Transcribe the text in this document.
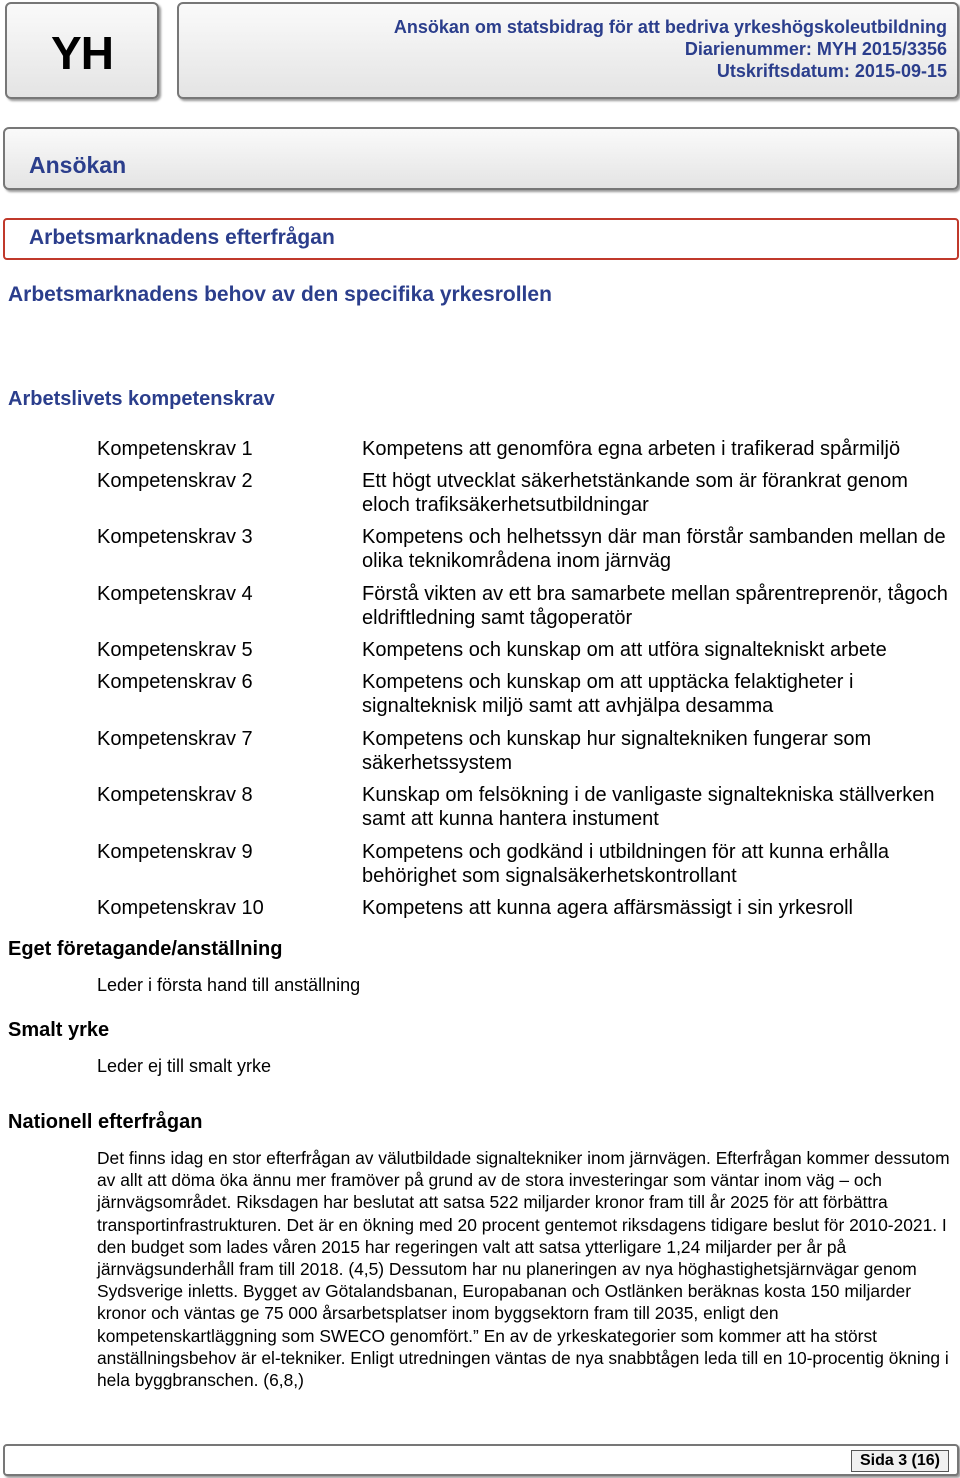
YH	Ansökan om statsbidrag för att bedriva yrkeshögskoleutbildning
Diarienummer: MYH 2015/3356
Utskriftsdatum: 2015-09-15
Ansökan
Arbetsmarknadens efterfrågan
Arbetsmarknadens behov av den specifika yrkesrollen
Arbetslivets kompetenskrav
Kompetenskrav 1	Kompetens att genomföra egna arbeten i trafikerad spårmiljö
Kompetenskrav 2	Ett högt utvecklat säkerhetstänkande som är förankrat genom eloch trafiksäkerhetsutbildningar
Kompetenskrav 3	Kompetens och helhetssyn där man förstår sambanden mellan de olika teknikområdena inom järnväg
Kompetenskrav 4	Förstå vikten av ett bra samarbete mellan spårentreprenör, tågoch eldriftledning samt tågoperatör
Kompetenskrav 5	Kompetens och kunskap om att utföra signaltekniskt arbete
Kompetenskrav 6	Kompetens och kunskap om att upptäcka felaktigheter i signalteknisk miljö samt att avhjälpa desamma
Kompetenskrav 7	Kompetens och kunskap hur signaltekniken fungerar som säkerhetssystem
Kompetenskrav 8	Kunskap om felsökning i de vanligaste signaltekniska ställverken samt att kunna hantera instument
Kompetenskrav 9	Kompetens och godkänd i utbildningen för att kunna erhålla behörighet som signalsäkerhetskontrollant
Kompetenskrav 10	Kompetens att kunna agera affärsmässigt i sin yrkesroll
Eget företagande/anställning
Leder i första hand till anställning
Smalt yrke
Leder ej till smalt yrke
Nationell efterfrågan
Det finns idag en stor efterfrågan av välutbildade signaltekniker inom järnvägen. Efterfrågan kommer dessutom av allt att döma öka ännu mer framöver på grund av de stora investeringar som väntar inom väg – och järnvägsområdet. Riksdagen har beslutat att satsa 522 miljarder kronor fram till år 2025 för att förbättra transportinfrastrukturen. Det är en ökning med 20 procent gentemot riksdagens tidigare beslut för 2010-2021. I den budget som lades våren 2015 har regeringen valt att satsa ytterligare 1,24 miljarder per år på järnvägsunderhåll fram till 2018. (4,5) Dessutom har nu planeringen av nya höghastighetsjärnvägar genom Sydsverige inletts. Bygget av Götalandsbanan, Europabanan och Ostlänken beräknas kosta 150 miljarder kronor och väntas ge 75 000 årsarbetsplatser inom byggsektorn fram till 2035, enligt den kompetenskartläggning som SWECO genomfört.” En av de yrkeskategorier som kommer att ha störst anställningsbehov är el-tekniker. Enligt utredningen väntas de nya snabbtågen leda till en 10-procentig ökning i hela byggbranschen. (6,8,)
Sida 3 (16)
